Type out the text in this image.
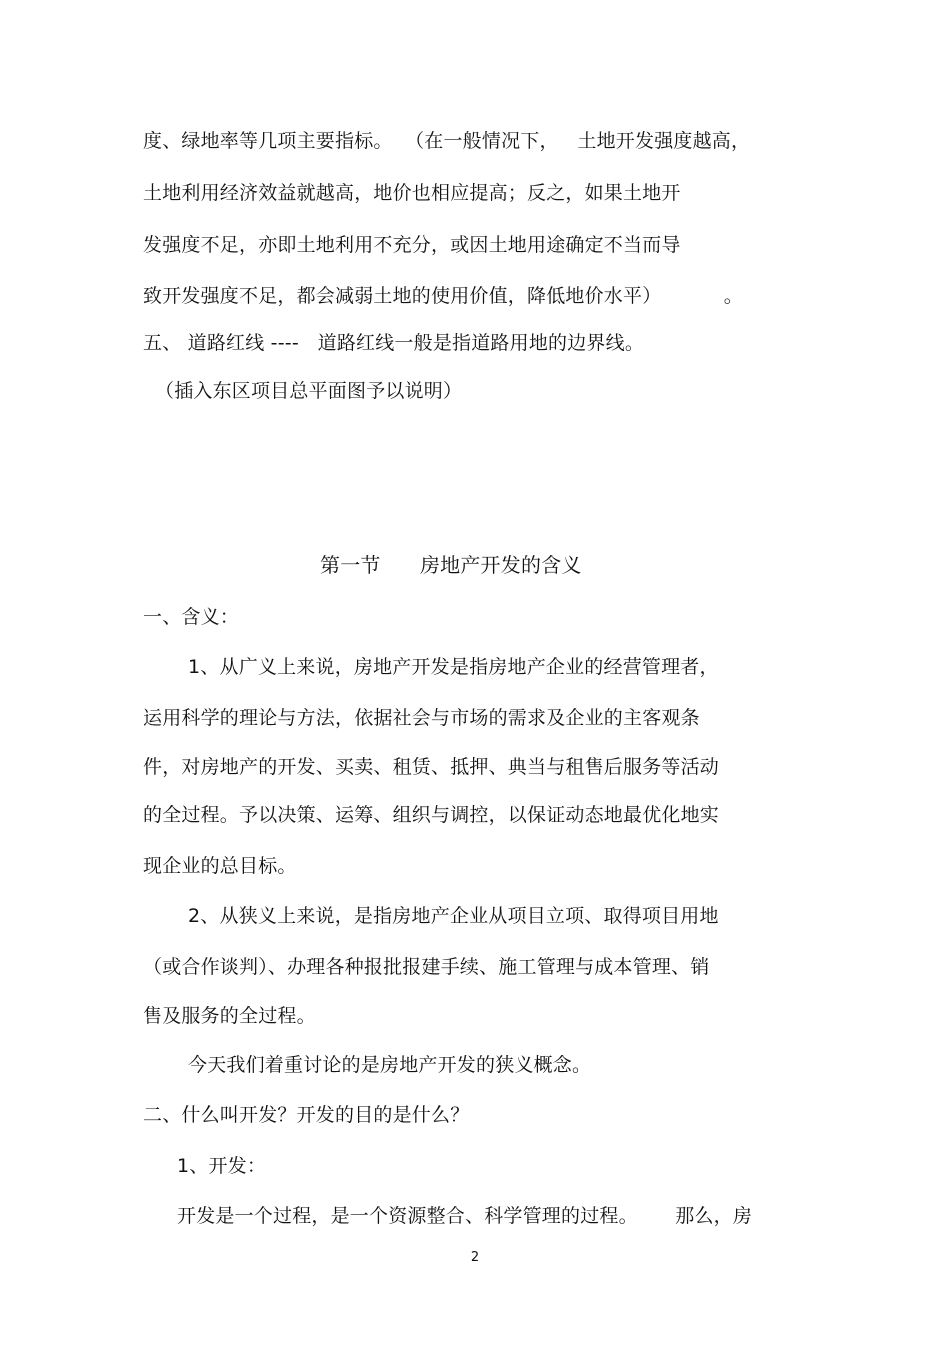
度、绿地率等几项主要指标。  （在一般情况下，   土地开发强度越高，
土地利用经济效益就越高，地价也相应提高；反之，如果土地开
发强度不足，亦即土地利用不充分，或因土地用途确定不当而导
致开发强度不足，都会减弱土地的使用价值，降低地价水平）          。
五、 道路红线 ----   道路红线一般是指道路用地的边界线。
（插入东区项目总平面图予以说明）
第一节      房地产开发的含义
一、含义：
1、从广义上来说，房地产开发是指房地产企业的经营管理者，
运用科学的理论与方法，依据社会与市场的需求及企业的主客观条
件，对房地产的开发、买卖、租赁、抵押、典当与租售后服务等活动
的全过程。予以决策、运筹、组织与调控，以保证动态地最优化地实
现企业的总目标。
2、从狭义上来说，是指房地产企业从项目立项、取得项目用地
（或合作谈判）、办理各种报批报建手续、施工管理与成本管理、销
售及服务的全过程。
今天我们着重讨论的是房地产开发的狭义概念。
二、什么叫开发？开发的目的是什么？
1、开发：
开发是一个过程，是一个资源整合、科学管理的过程。      那么，房
2
